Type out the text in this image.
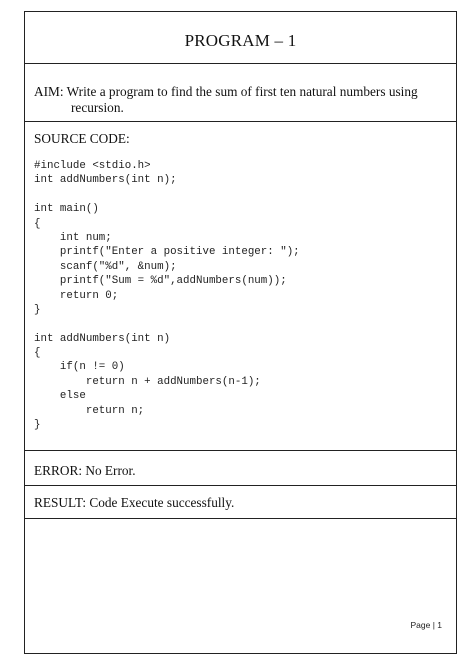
PROGRAM – 1
AIM: Write a program to find the sum of first ten natural numbers using
recursion.
SOURCE CODE:
#include <stdio.h>
int addNumbers(int n);
int main()
{
int num;
printf("Enter a positive integer: ");
scanf("%d", &num);
printf("Sum = %d",addNumbers(num));
return 0;
}
int addNumbers(int n)
{
if(n != 0)
return n + addNumbers(n-1);
else
return n;
}
ERROR: No Error.
RESULT: Code Execute successfully.
Page | 1
